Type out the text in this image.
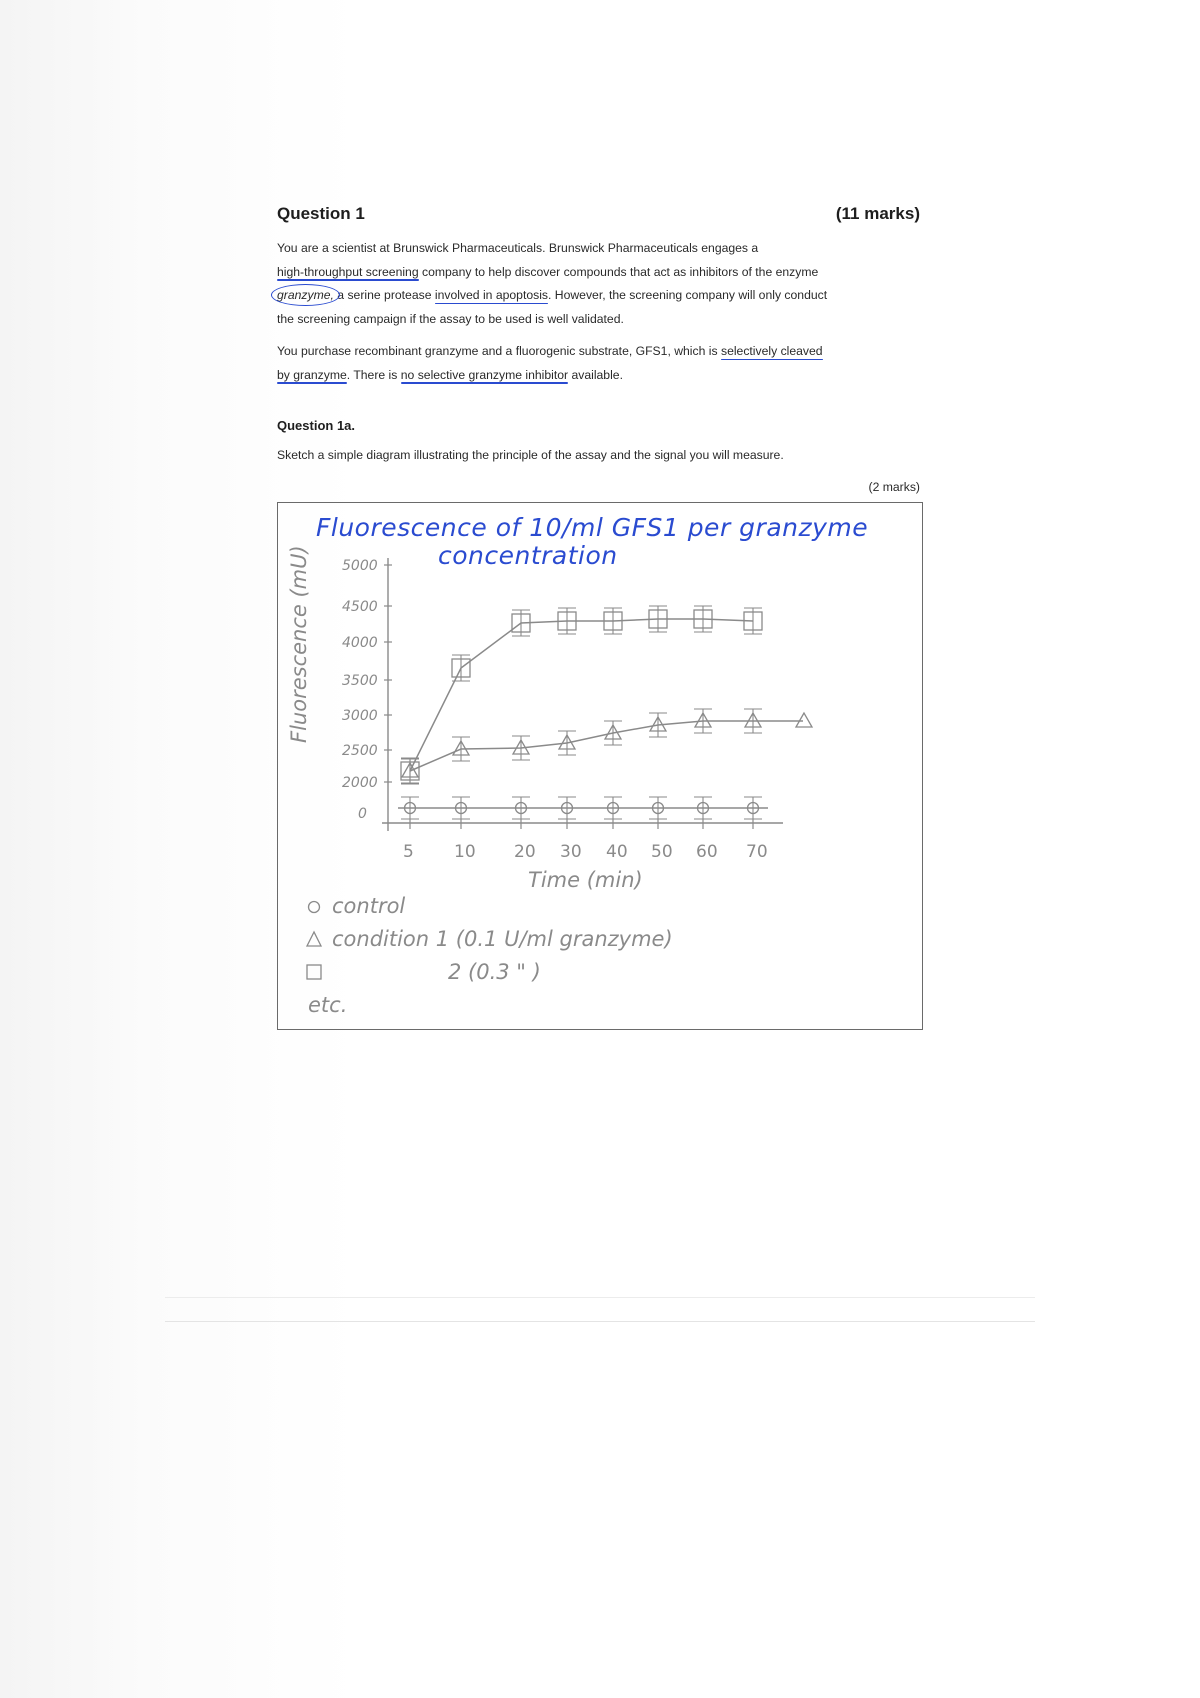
Question 1	(11 marks)

You are a scientist at Brunswick Pharmaceuticals. Brunswick Pharmaceuticals engages a

high-throughput screening company to help discover compounds that act as inhibitors of the enzyme

granzyme, a serine protease involved in apoptosis. However, the screening company will only conduct

the screening campaign if the assay to be used is well validated.

You purchase recombinant granzyme and a fluorogenic substrate, GFS1, which is selectively cleaved

by granzyme. There is no selective granzyme inhibitor available.

Question 1a.
Sketch a simple diagram illustrating the principle of the assay and the signal you will measure.
(2 marks)
Fluorescence of 10/ml GFS1 per granzyme
concentration
Fluorescence (mU) 5000
4500
4000
3500
3000
2500
2000
0
5 10 20 30 40 50 60 70
Time (min)
control
condition 1 (0.1 U/ml granzyme)
2 (0.3 " )
etc.
